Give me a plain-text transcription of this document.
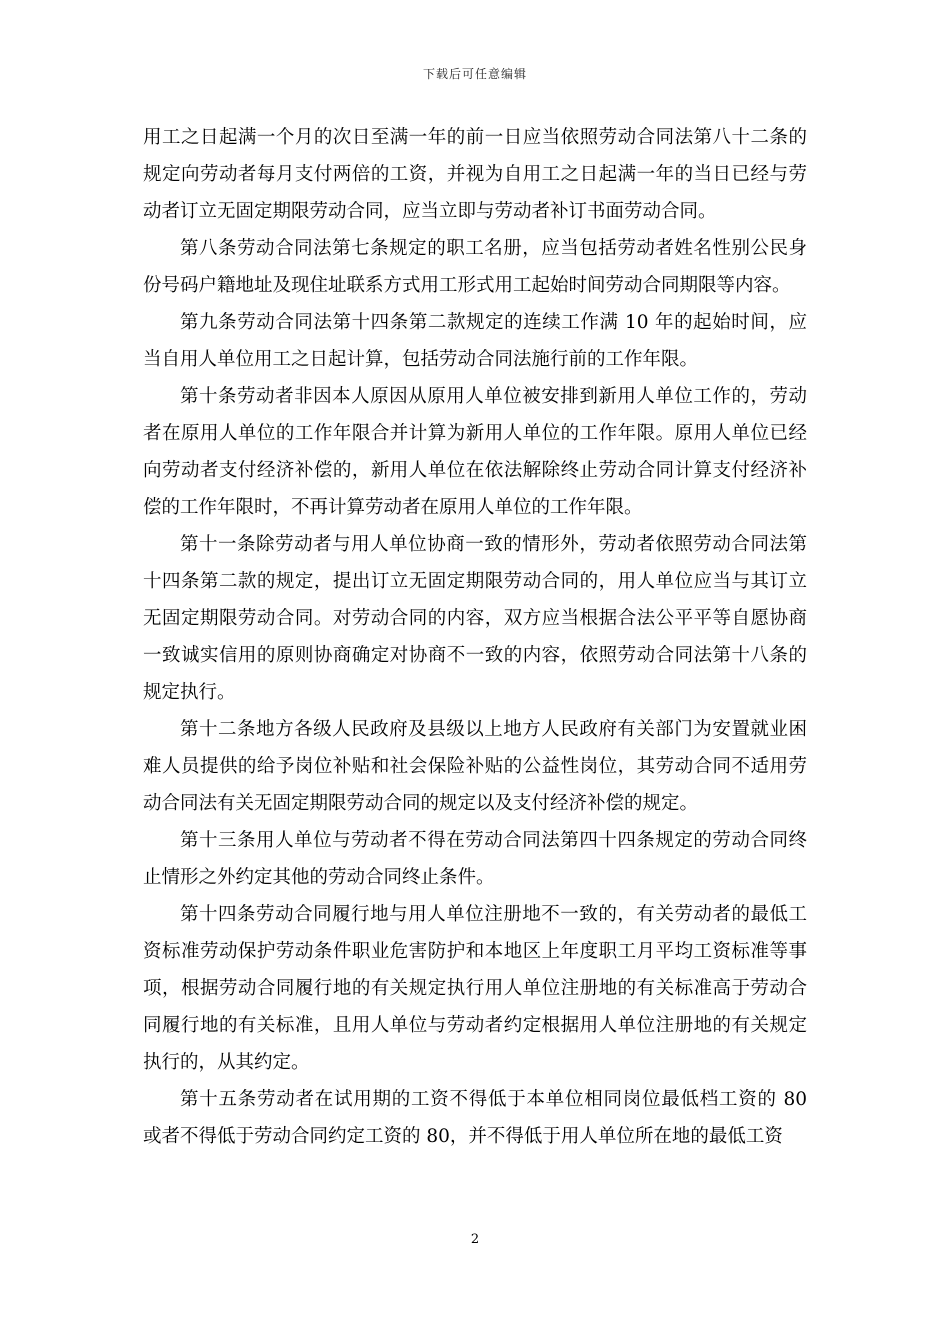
下载后可任意编辑

用工之日起满一个月的次日至满一年的前一日应当依照劳动合同法第八十二条的规定向劳动者每月支付两倍的工资，并视为自用工之日起满一年的当日已经与劳动者订立无固定期限劳动合同，应当立即与劳动者补订书面劳动合同。

第八条劳动合同法第七条规定的职工名册，应当包括劳动者姓名性别公民身份号码户籍地址及现住址联系方式用工形式用工起始时间劳动合同期限等内容。

第九条劳动合同法第十四条第二款规定的连续工作满 10 年的起始时间，应当自用人单位用工之日起计算，包括劳动合同法施行前的工作年限。

第十条劳动者非因本人原因从原用人单位被安排到新用人单位工作的，劳动者在原用人单位的工作年限合并计算为新用人单位的工作年限。原用人单位已经向劳动者支付经济补偿的，新用人单位在依法解除终止劳动合同计算支付经济补偿的工作年限时，不再计算劳动者在原用人单位的工作年限。

第十一条除劳动者与用人单位协商一致的情形外，劳动者依照劳动合同法第十四条第二款的规定，提出订立无固定期限劳动合同的，用人单位应当与其订立无固定期限劳动合同。对劳动合同的内容，双方应当根据合法公平平等自愿协商一致诚实信用的原则协商确定对协商不一致的内容，依照劳动合同法第十八条的规定执行。

第十二条地方各级人民政府及县级以上地方人民政府有关部门为安置就业困难人员提供的给予岗位补贴和社会保险补贴的公益性岗位，其劳动合同不适用劳动合同法有关无固定期限劳动合同的规定以及支付经济补偿的规定。

第十三条用人单位与劳动者不得在劳动合同法第四十四条规定的劳动合同终止情形之外约定其他的劳动合同终止条件。

第十四条劳动合同履行地与用人单位注册地不一致的，有关劳动者的最低工资标准劳动保护劳动条件职业危害防护和本地区上年度职工月平均工资标准等事项，根据劳动合同履行地的有关规定执行用人单位注册地的有关标准高于劳动合同履行地的有关标准，且用人单位与劳动者约定根据用人单位注册地的有关规定执行的，从其约定。

第十五条劳动者在试用期的工资不得低于本单位相同岗位最低档工资的 80 或者不得低于劳动合同约定工资的 80，并不得低于用人单位所在地的最低工资

2
